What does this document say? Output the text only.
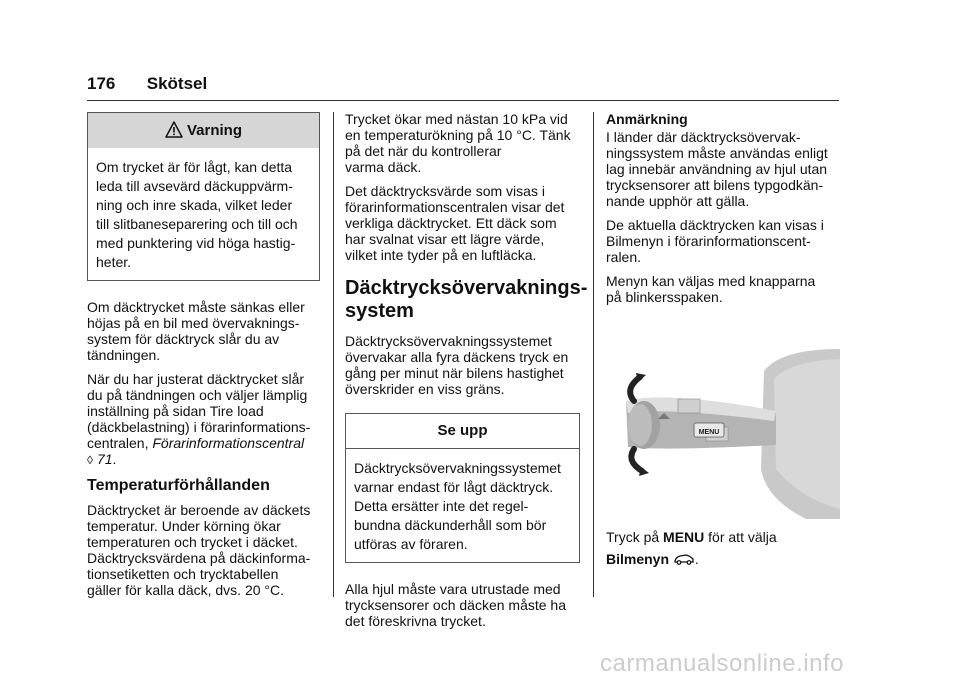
176 Skötsel
Varning
Om trycket är för lågt, kan detta
leda till avsevärd däckuppvärm-
ning och inre skada, vilket leder
till slitbaneseparering och till och
med punktering vid höga hastig-
heter.

Om däcktrycket måste sänkas eller
höjas på en bil med övervaknings-
system för däcktryck slår du av
tändningen.

När du har justerat däcktrycket slår
du på tändningen och väljer lämplig
inställning på sidan Tire load
(däckbelastning) i förarinformations-
centralen, Förarinformationscentral
◊ 71.

Temperaturförhållanden

Däcktrycket är beroende av däckets
temperatur. Under körning ökar
temperaturen och trycket i däcket.
Däcktrycksvärdena på däckinforma-
tionsetiketten och trycktabellen
gäller för kalla däck, dvs. 20 °C.

Trycket ökar med nästan 10 kPa vid
en temperaturökning på 10 °C. Tänk
på det när du kontrollerar
varma däck.

Det däcktrycksvärde som visas i
förarinformationscentralen visar det
verkliga däcktrycket. Ett däck som
har svalnat visar ett lägre värde,
vilket inte tyder på en luftläcka.

Däcktrycksövervaknings-
system

Däcktrycksövervakningssystemet
övervakar alla fyra däckens tryck en
gång per minut när bilens hastighet
överskrider en viss gräns.

Se upp
Däcktrycksövervakningssystemet
varnar endast för lågt däcktryck.
Detta ersätter inte det regel-
bundna däckunderhåll som bör
utföras av föraren.

Alla hjul måste vara utrustade med
trycksensorer och däcken måste ha
det föreskrivna trycket.

Anmärkning

I länder där däcktrycksövervak-
ningssystem måste användas enligt
lag innebär användning av hjul utan
trycksensorer att bilens typgodkän-
nande upphör att gälla.

De aktuella däcktrycken kan visas i
Bilmenyn i förarinformationscent-
ralen.

Menyn kan väljas med knapparna
på blinkersspaken.

MENU

Tryck på MENU för att välja

Bilmenyn .

carmanualsonline.info
